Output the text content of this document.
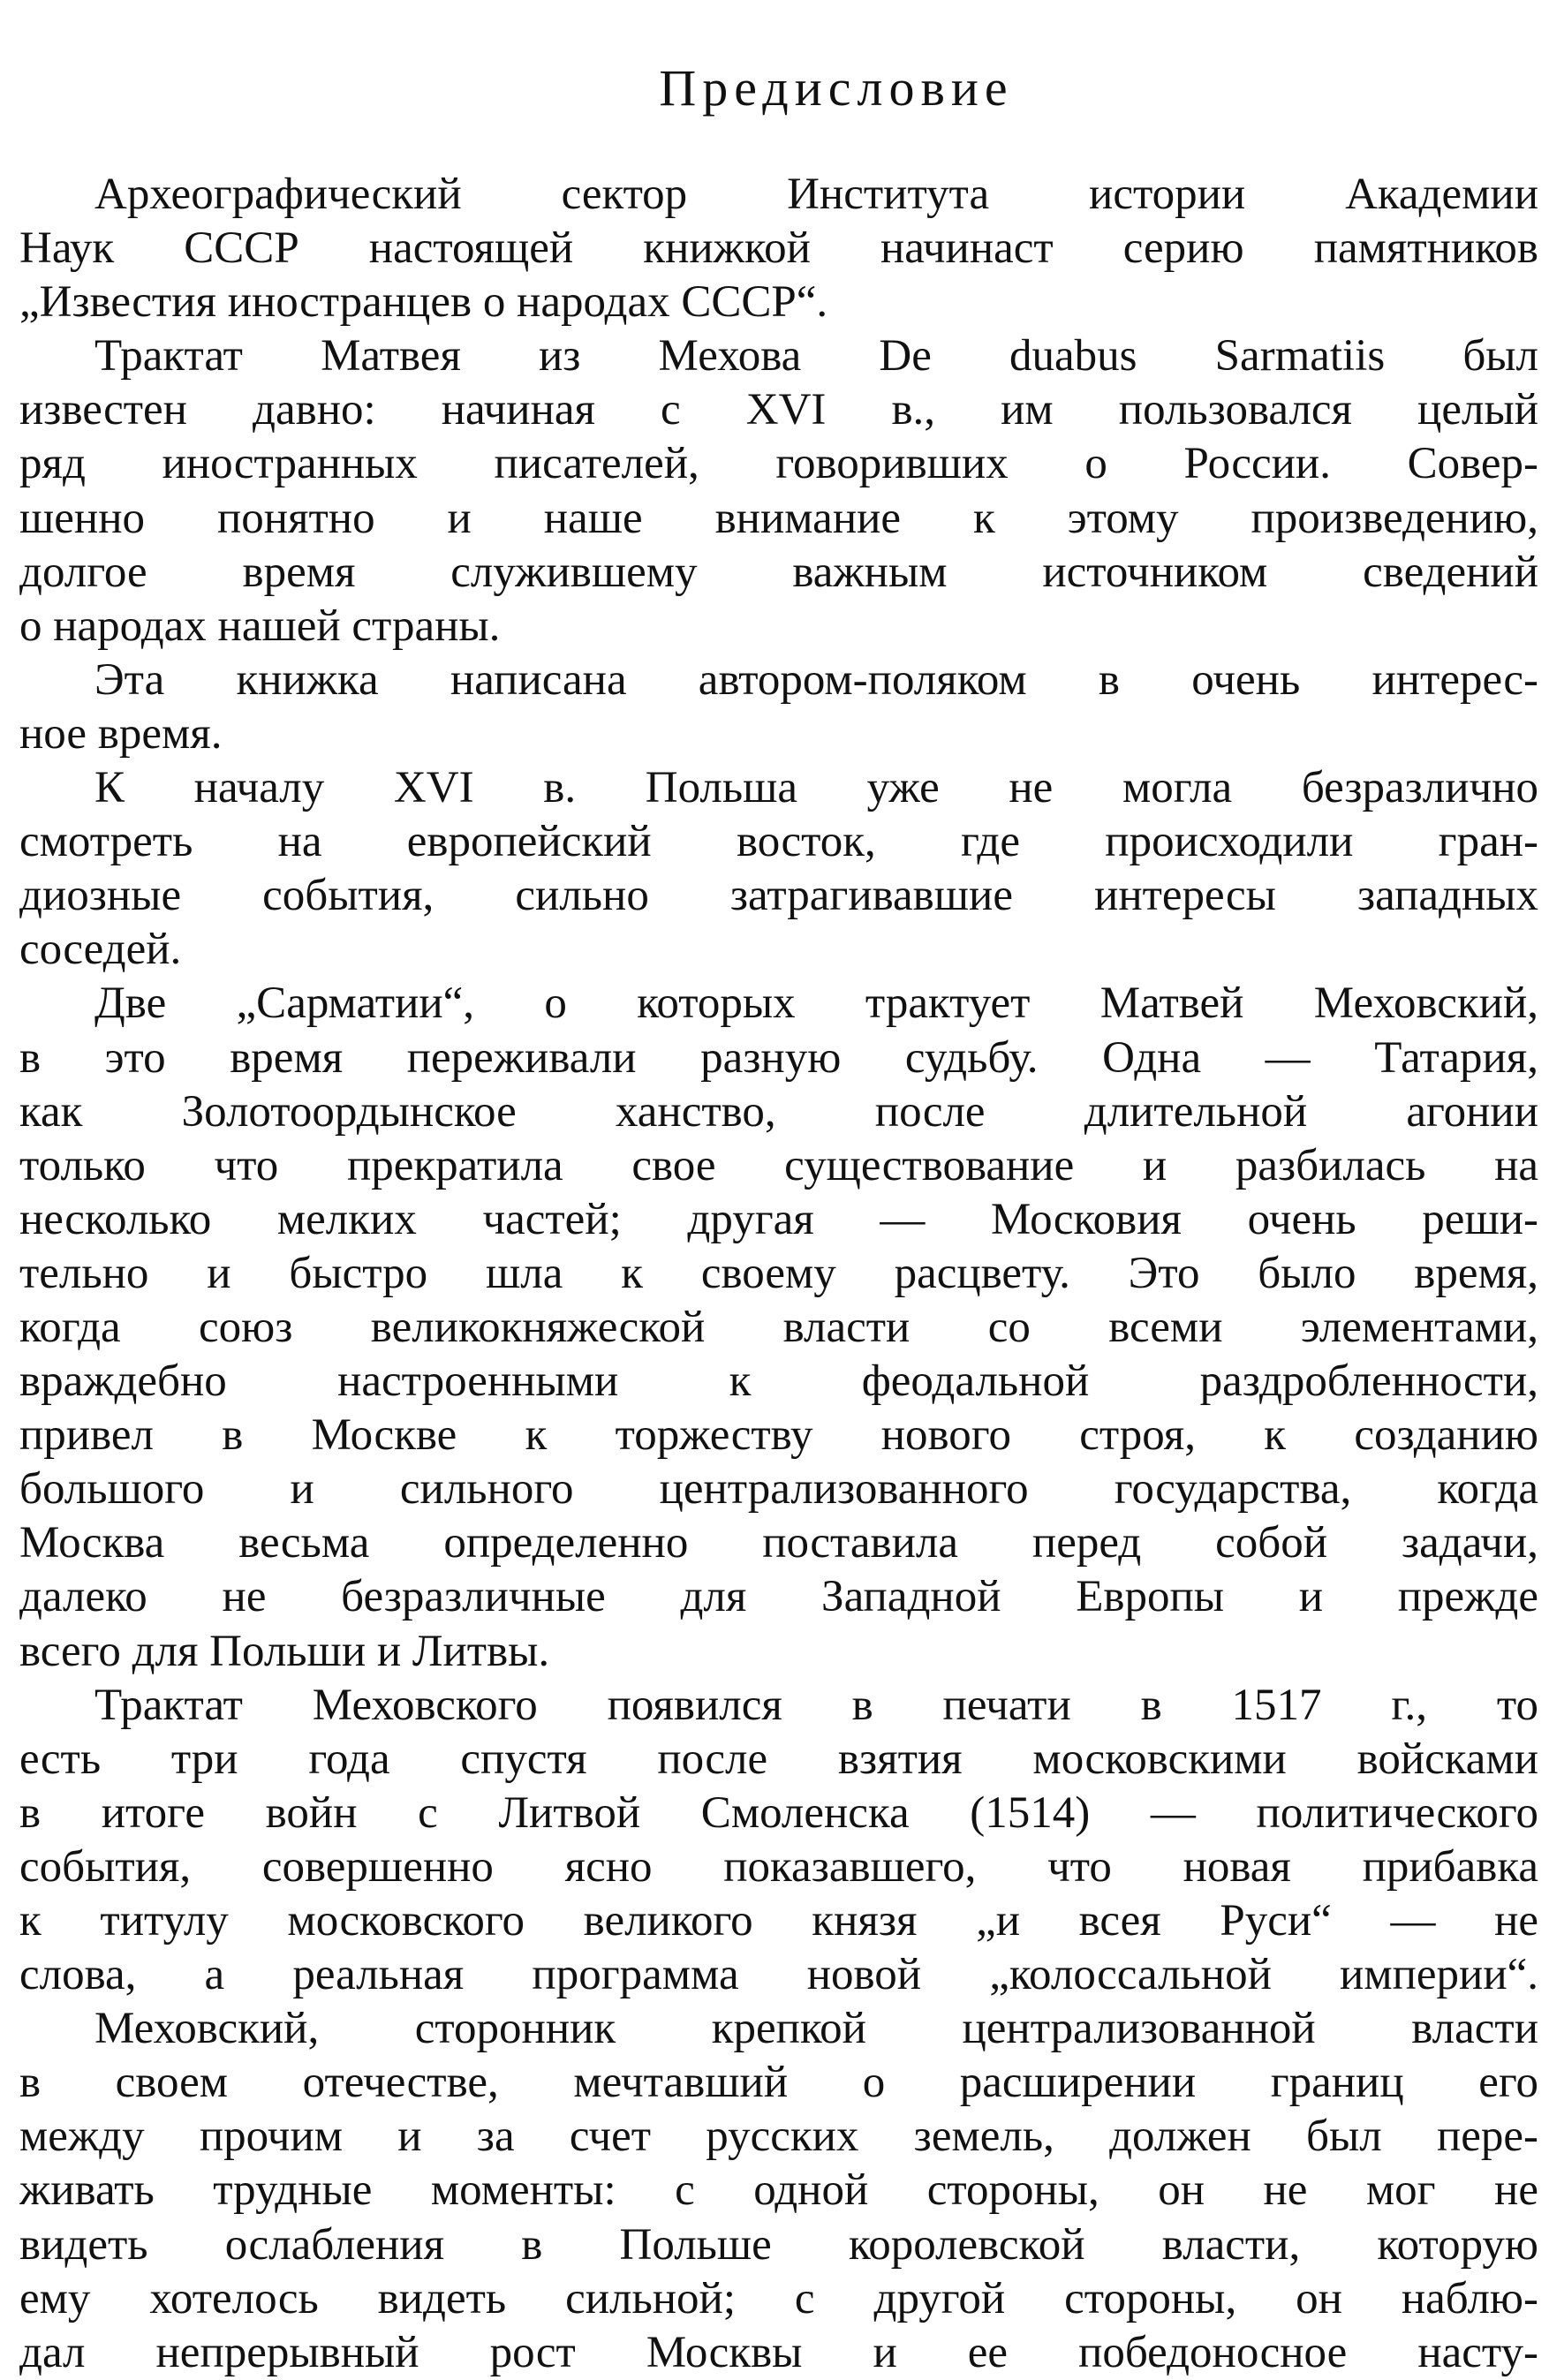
Предисловие
Археографический сектор Института истории Академии
Наук СССР настоящей книжкой начинаст серию памятников
„Известия иностранцев о народах СССР“.
Трактат Матвея из Мехова De duabus Sarmatiis был
известен давно: начиная с XVI в., им пользовался целый
ряд иностранных писателей, говоривших о России. Совер-
шенно понятно и наше внимание к этому произведению,
долгое время служившему важным источником сведений
о народах нашей страны.
Эта книжка написана автором-поляком в очень интерес-
ное время.
К началу XVI в. Польша уже не могла безразлично
смотреть на европейский восток, где происходили гран-
диозные события, сильно затрагивавшие интересы западных
соседей.
Две „Сарматии“, о которых трактует Матвей Меховский,
в это время переживали разную судьбу. Одна — Татария,
как Золотоордынское ханство, после длительной агонии
только что прекратила свое существование и разбилась на
несколько мелких частей; другая — Московия очень реши-
тельно и быстро шла к своему расцвету. Это было время,
когда союз великокняжеской власти со всеми элементами,
враждебно настроенными к феодальной раздробленности,
привел в Москве к торжеству нового строя, к созданию
большого и сильного централизованного государства, когда
Москва весьма определенно поставила перед собой задачи,
далеко не безразличные для Западной Европы и прежде
всего для Польши и Литвы.
Трактат Меховского появился в печати в 1517 г., то
есть три года спустя после взятия московскими войсками
в итоге войн с Литвой Смоленска (1514) — политического
события, совершенно ясно показавшего, что новая прибавка
к титулу московского великого князя „и всея Руси“ — не
слова, а реальная программа новой „колоссальной империи“.
Меховский, сторонник крепкой централизованной власти
в своем отечестве, мечтавший о расширении границ его
между прочим и за счет русских земель, должен был пере-
живать трудные моменты: с одной стороны, он не мог не
видеть ослабления в Польше королевской власти, которую
ему хотелось видеть сильной; с другой стороны, он наблю-
дал непрерывный рост Москвы и ее победоносное насту-
